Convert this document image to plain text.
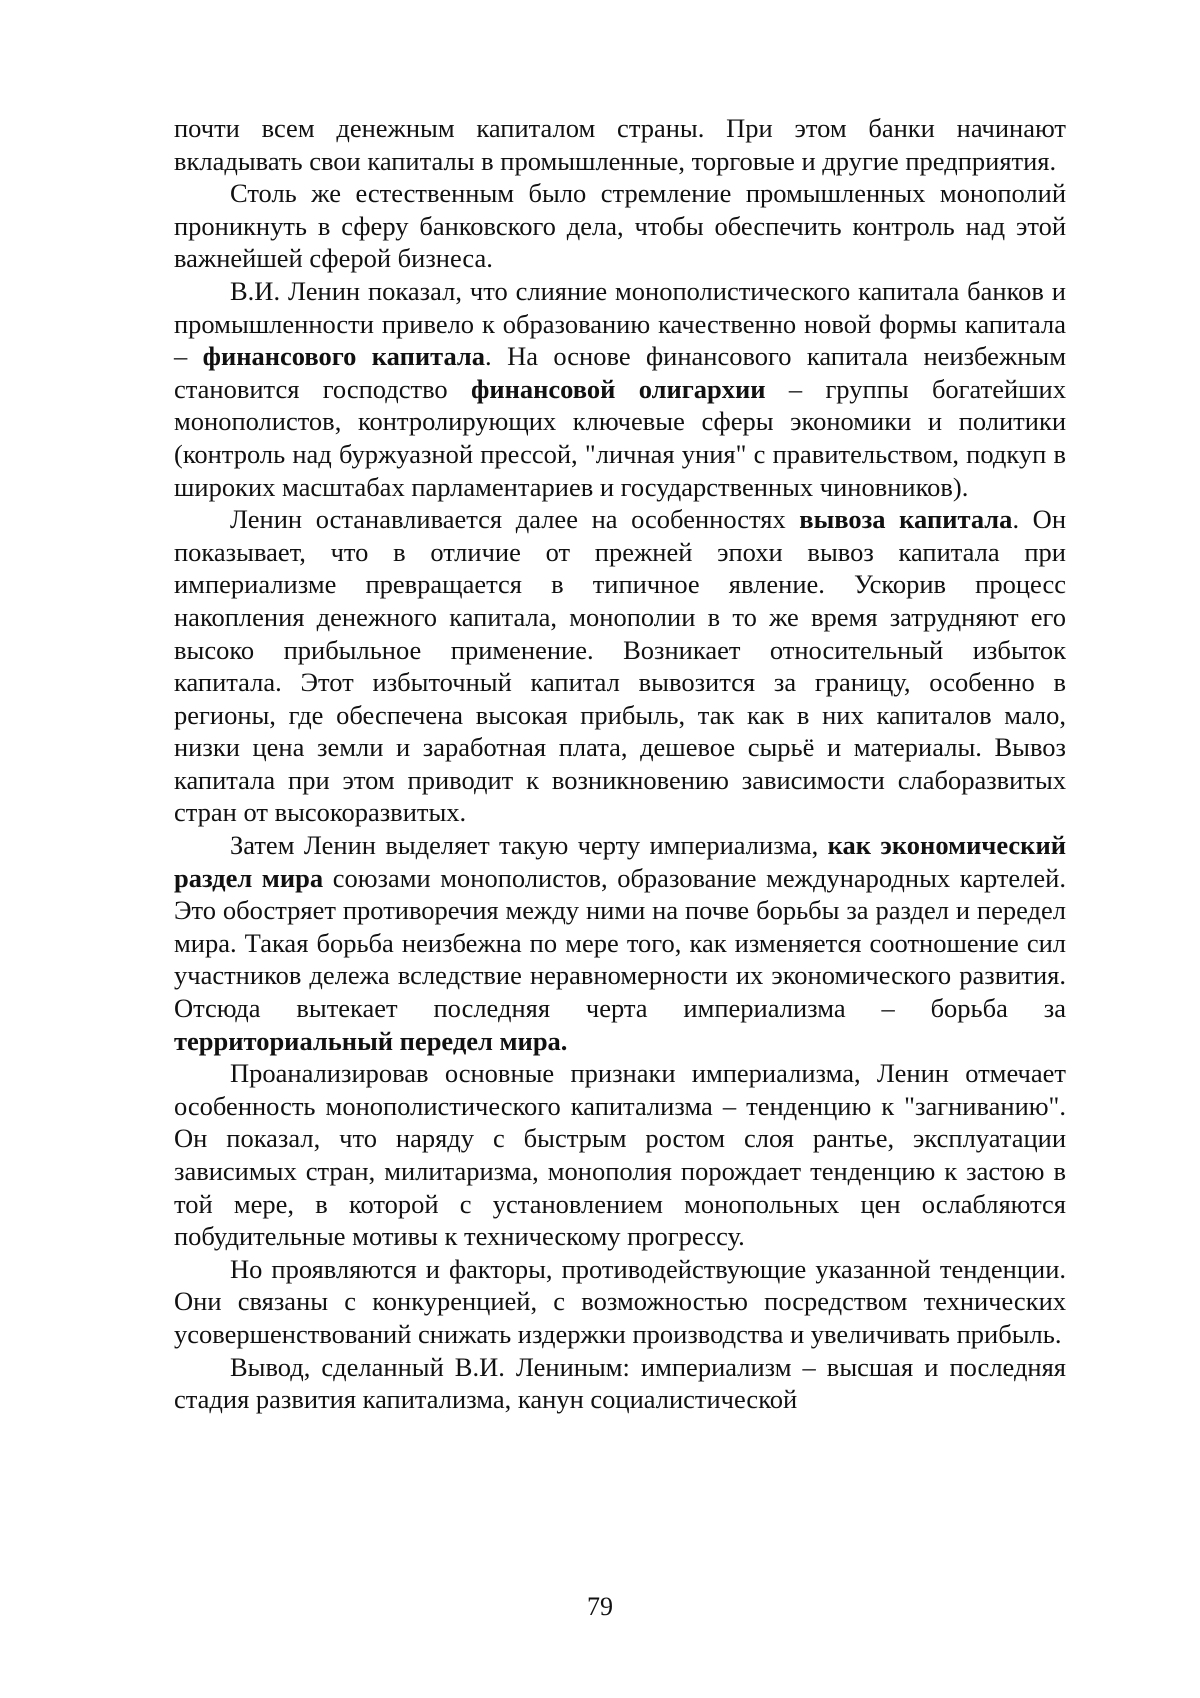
почти всем денежным капиталом страны. При этом банки начинают вкладывать свои капиталы в промышленные, торговые и другие предприятия.

Столь же естественным было стремление промышленных монополий проникнуть в сферу банковского дела, чтобы обеспечить контроль над этой важнейшей сферой бизнеса.

В.И. Ленин показал, что слияние монополистического капитала банков и промышленности привело к образованию качественно новой формы капитала – финансового капитала. На основе финансового капитала неизбежным становится господство финансовой олигархии – группы богатейших монополистов, контролирующих ключевые сферы экономики и политики (контроль над буржуазной прессой, "личная уния" с правительством, подкуп в широких масштабах парламентариев и государственных чиновников).

Ленин останавливается далее на особенностях вывоза капитала. Он показывает, что в отличие от прежней эпохи вывоз капитала при империализме превращается в типичное явление. Ускорив процесс накопления денежного капитала, монополии в то же время затрудняют его высоко прибыльное применение. Возникает относительный избыток капитала. Этот избыточный капитал вывозится за границу, особенно в регионы, где обеспечена высокая прибыль, так как в них капиталов мало, низки цена земли и заработная плата, дешевое сырьё и материалы. Вывоз капитала при этом приводит к возникновению зависимости слаборазвитых стран от высокоразвитых.

Затем Ленин выделяет такую черту империализма, как экономический раздел мира союзами монополистов, образование международных картелей. Это обостряет противоречия между ними на почве борьбы за раздел и передел мира. Такая борьба неизбежна по мере того, как изменяется соотношение сил участников дележа вследствие неравномерности их экономического развития. Отсюда вытекает последняя черта империализма – борьба за территориальный передел мира.

Проанализировав основные признаки империализма, Ленин отмечает особенность монополистического капитализма – тенденцию к "загниванию". Он показал, что наряду с быстрым ростом слоя рантье, эксплуатации зависимых стран, милитаризма, монополия порождает тенденцию к застою в той мере, в которой с установлением монопольных цен ослабляются побудительные мотивы к техническому прогрессу.

Но проявляются и факторы, противодействующие указанной тенденции. Они связаны с конкуренцией, с возможностью посредством технических усовершенствований снижать издержки производства и увеличивать прибыль.

Вывод, сделанный В.И. Лениным: империализм – высшая и последняя стадия развития капитализма, канун социалистической

79
